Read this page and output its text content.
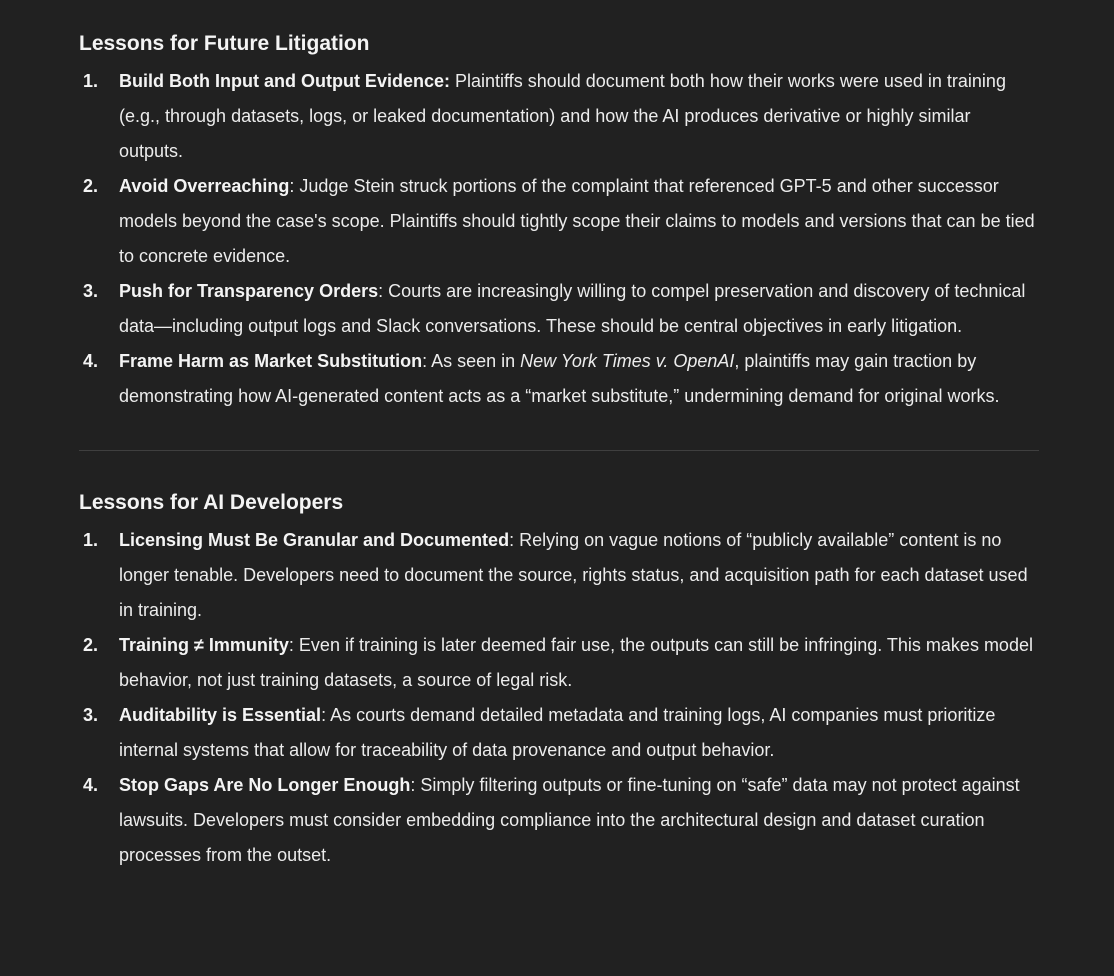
Lessons for Future Litigation
1. Build Both Input and Output Evidence: Plaintiffs should document both how their works were used in training (e.g., through datasets, logs, or leaked documentation) and how the AI produces derivative or highly similar outputs.
2. Avoid Overreaching: Judge Stein struck portions of the complaint that referenced GPT-5 and other successor models beyond the case's scope. Plaintiffs should tightly scope their claims to models and versions that can be tied to concrete evidence.
3. Push for Transparency Orders: Courts are increasingly willing to compel preservation and discovery of technical data—including output logs and Slack conversations. These should be central objectives in early litigation.
4. Frame Harm as Market Substitution: As seen in New York Times v. OpenAI, plaintiffs may gain traction by demonstrating how AI-generated content acts as a “market substitute,” undermining demand for original works.
Lessons for AI Developers
1. Licensing Must Be Granular and Documented: Relying on vague notions of “publicly available” content is no longer tenable. Developers need to document the source, rights status, and acquisition path for each dataset used in training.
2. Training ≠ Immunity: Even if training is later deemed fair use, the outputs can still be infringing. This makes model behavior, not just training datasets, a source of legal risk.
3. Auditability is Essential: As courts demand detailed metadata and training logs, AI companies must prioritize internal systems that allow for traceability of data provenance and output behavior.
4. Stop Gaps Are No Longer Enough: Simply filtering outputs or fine-tuning on “safe” data may not protect against lawsuits. Developers must consider embedding compliance into the architectural design and dataset curation processes from the outset.
